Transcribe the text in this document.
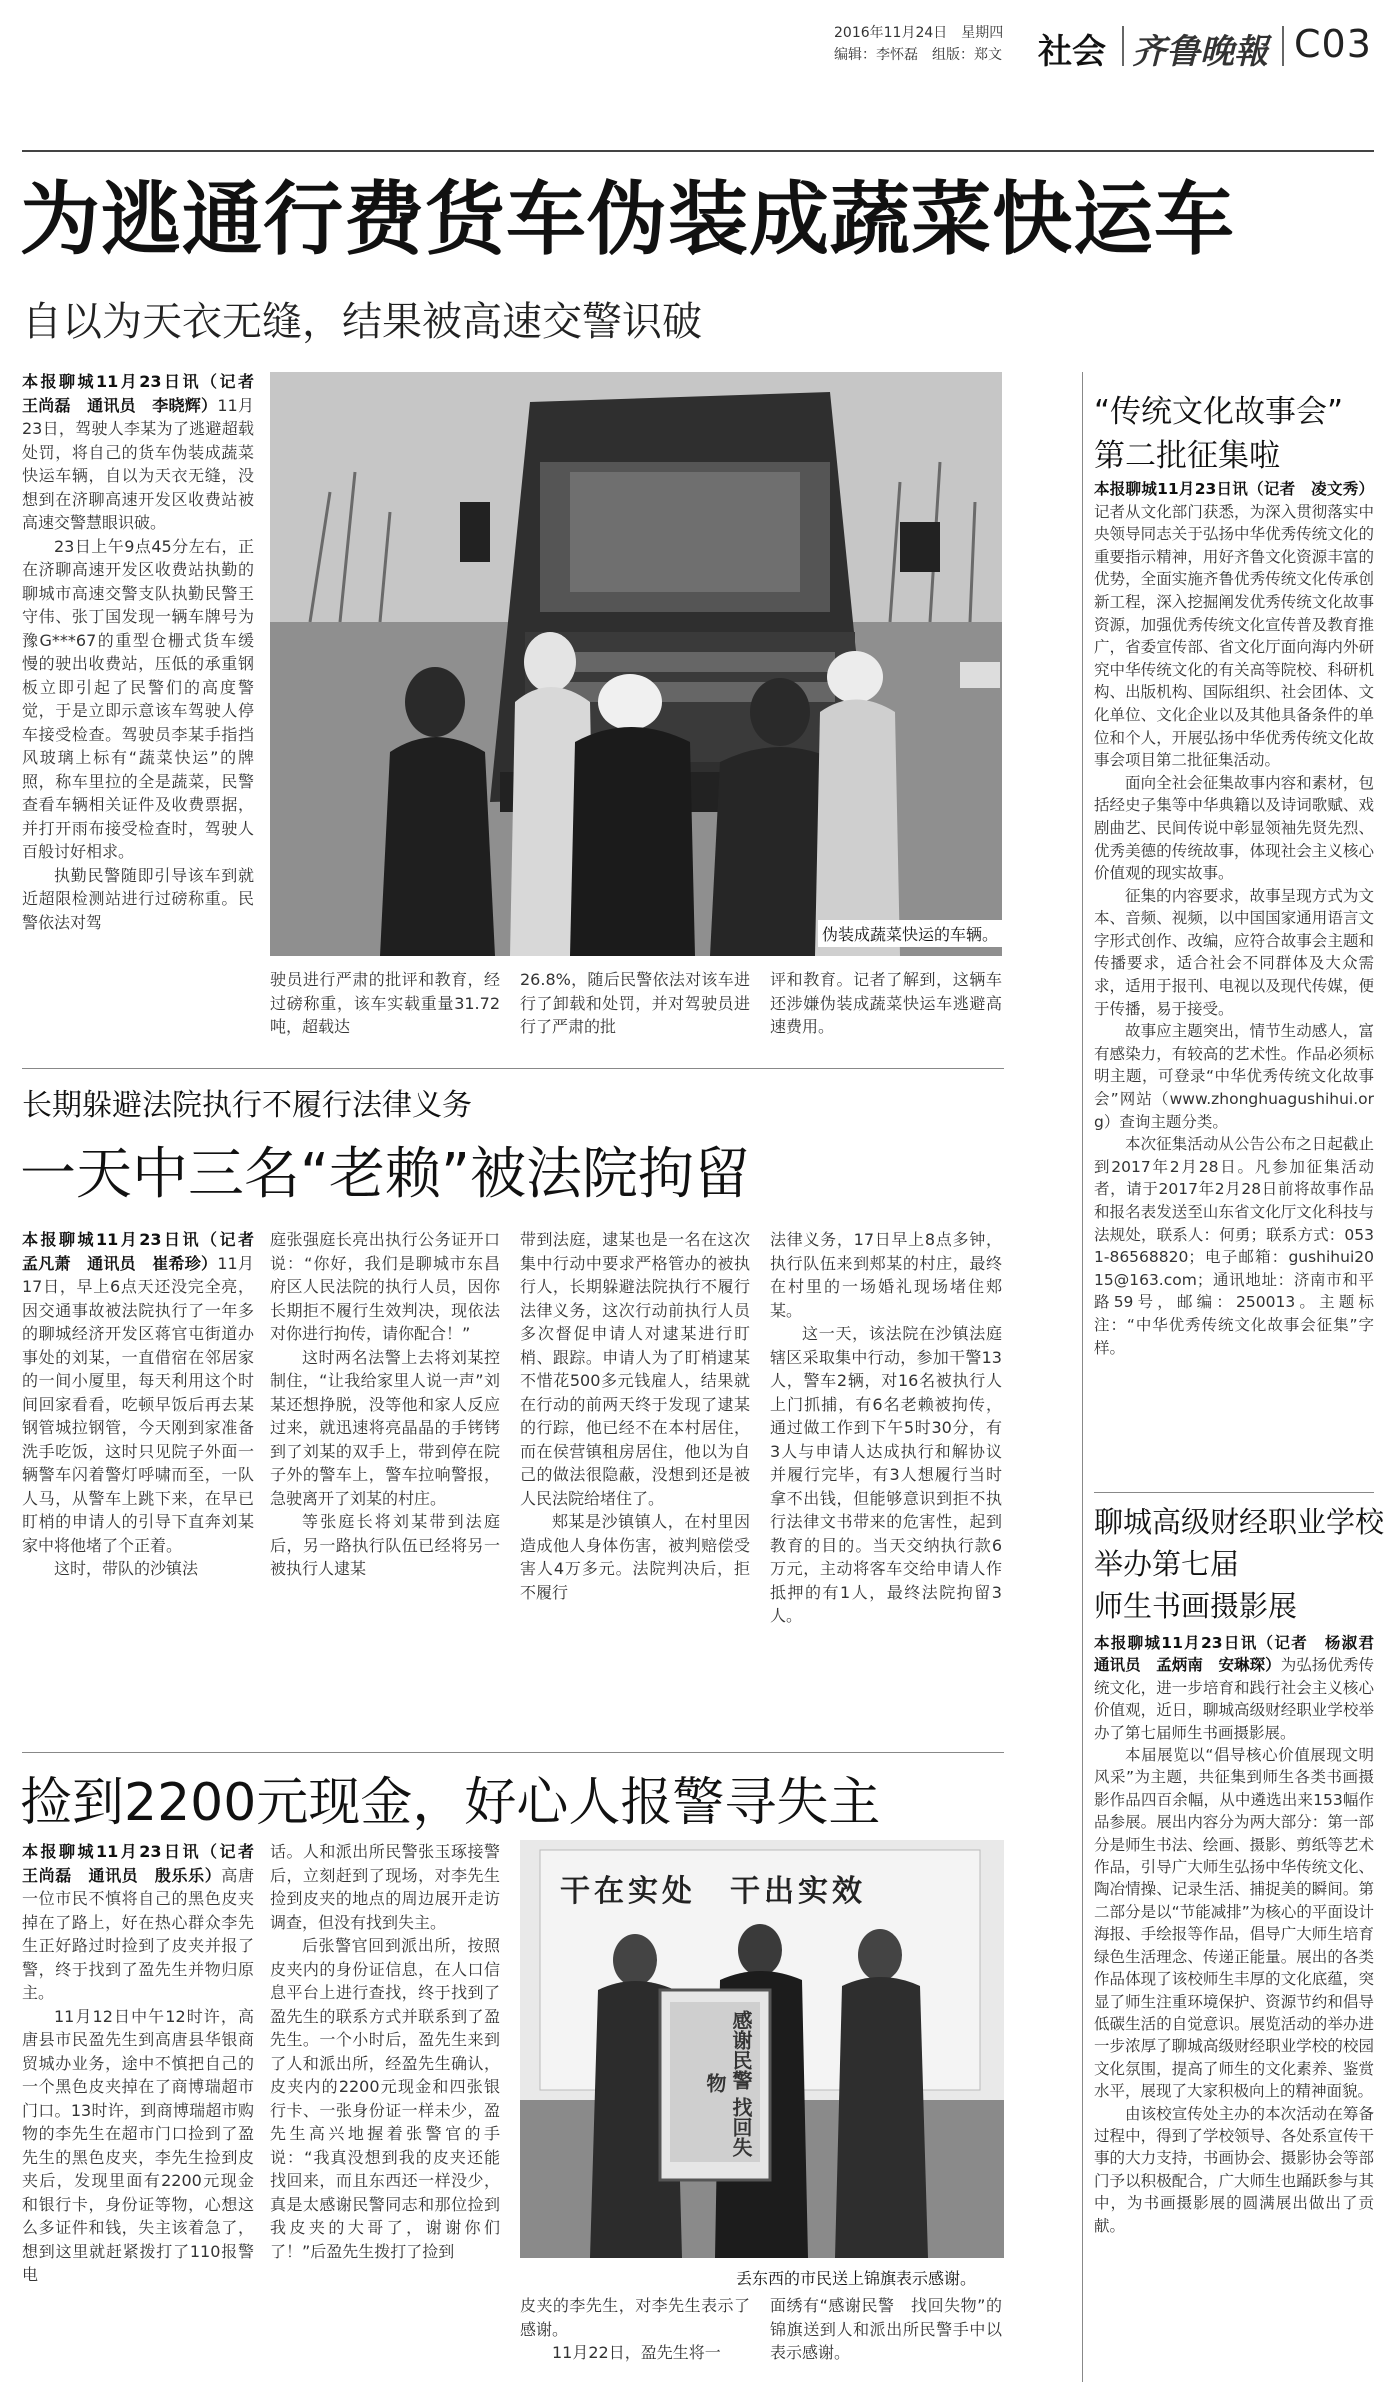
2016年11月24日　星期四
编辑：李怀磊　组版：郑文 社会 齐鲁晚報 C03
为逃通行费货车伪装成蔬菜快运车
自以为天衣无缝，结果被高速交警识破

本报聊城11月23日讯（记者　王尚磊　通讯员　李晓辉）11月23日，驾驶人李某为了逃避超载处罚，将自己的货车伪装成蔬菜快运车辆，自以为天衣无缝，没想到在济聊高速开发区收费站被高速交警慧眼识破。

23日上午9点45分左右，正在济聊高速开发区收费站执勤的聊城市高速交警支队执勤民警王守伟、张丁国发现一辆车牌号为豫G***67的重型仓栅式货车缓慢的驶出收费站，压低的承重钢板立即引起了民警们的高度警觉，于是立即示意该车驾驶人停车接受检查。驾驶员李某手指挡风玻璃上标有“蔬菜快运”的牌照，称车里拉的全是蔬菜，民警查看车辆相关证件及收费票据，并打开雨布接受检查时，驾驶人百般讨好相求。

执勤民警随即引导该车到就近超限检测站进行过磅称重。民警依法对驾

伪装成蔬菜快运的车辆。

驶员进行严肃的批评和教育，经过磅称重，该车实载重量31.72吨，超载达

26.8%，随后民警依法对该车进行了卸载和处罚，并对驾驶员进行了严肃的批

评和教育。记者了解到，这辆车还涉嫌伪装成蔬菜快运车逃避高速费用。

长期躲避法院执行不履行法律义务
一天中三名“老赖”被法院拘留

本报聊城11月23日讯（记者　孟凡萧　通讯员　崔希珍）11月17日，早上6点天还没完全亮，因交通事故被法院执行了一年多的聊城经济开发区蒋官屯街道办事处的刘某，一直借宿在邻居家的一间小厦里，每天利用这个时间回家看看，吃顿早饭后再去某钢管城拉钢管，今天刚到家准备洗手吃饭，这时只见院子外面一辆警车闪着警灯呼啸而至，一队人马，从警车上跳下来，在早已盯梢的申请人的引导下直奔刘某家中将他堵了个正着。

这时，带队的沙镇法

庭张强庭长亮出执行公务证开口说：“你好，我们是聊城市东昌府区人民法院的执行人员，因你长期拒不履行生效判决，现依法对你进行拘传，请你配合！”

这时两名法警上去将刘某控制住，“让我给家里人说一声”刘某还想挣脱，没等他和家人反应过来，就迅速将亮晶晶的手铐铐到了刘某的双手上，带到停在院子外的警车上，警车拉响警报，急驶离开了刘某的村庄。

等张庭长将刘某带到法庭后，另一路执行队伍已经将另一被执行人逮某

带到法庭，逮某也是一名在这次集中行动中要求严格管办的被执行人，长期躲避法院执行不履行法律义务，这次行动前执行人员多次督促申请人对逮某进行盯梢、跟踪。申请人为了盯梢逮某不惜花500多元钱雇人，结果就在行动的前两天终于发现了逮某的行踪，他已经不在本村居住，而在侯营镇租房居住，他以为自己的做法很隐蔽，没想到还是被人民法院给堵住了。

郏某是沙镇镇人，在村里因造成他人身体伤害，被判赔偿受害人4万多元。法院判决后，拒不履行

法律义务，17日早上8点多钟，执行队伍来到郏某的村庄，最终在村里的一场婚礼现场堵住郏某。

这一天，该法院在沙镇法庭辖区采取集中行动，参加干警13人，警车2辆，对16名被执行人上门抓捕，有6名老赖被拘传，通过做工作到下午5时30分，有3人与申请人达成执行和解协议并履行完毕，有3人想履行当时拿不出钱，但能够意识到拒不执行法律文书带来的危害性，起到教育的目的。当天交纳执行款6万元，主动将客车交给申请人作抵押的有1人，最终法院拘留3人。

捡到2200元现金，好心人报警寻失主

本报聊城11月23日讯（记者　王尚磊　通讯员　殷乐乐）高唐一位市民不慎将自己的黑色皮夹掉在了路上，好在热心群众李先生正好路过时捡到了皮夹并报了警，终于找到了盈先生并物归原主。

11月12日中午12时许，高唐县市民盈先生到高唐县华银商贸城办业务，途中不慎把自己的一个黑色皮夹掉在了商博瑞超市门口。13时许，到商博瑞超市购物的李先生在超市门口捡到了盈先生的黑色皮夹，李先生捡到皮夹后，发现里面有2200元现金和银行卡，身份证等物，心想这么多证件和钱，失主该着急了，想到这里就赶紧拨打了110报警电

话。人和派出所民警张玉琢接警后，立刻赶到了现场，对李先生捡到皮夹的地点的周边展开走访调查，但没有找到失主。

后张警官回到派出所，按照皮夹内的身份证信息，在人口信息平台上进行查找，终于找到了盈先生的联系方式并联系到了盈先生。一个小时后，盈先生来到了人和派出所，经盈先生确认，皮夹内的2200元现金和四张银行卡、一张身份证一样未少，盈先生高兴地握着张警官的手说：“我真没想到我的皮夹还能找回来，而且东西还一样没少，真是太感谢民警同志和那位捡到我皮夹的大哥了，谢谢你们了！”后盈先生拨打了捡到

干在实处　干出实效
感谢民警 找回失物
丢东西的市民送上锦旗表示感谢。

皮夹的李先生，对李先生表示了感谢。

11月22日，盈先生将一

面绣有“感谢民警　找回失物”的锦旗送到人和派出所民警手中以表示感谢。

“传统文化故事会”
第二批征集啦

本报聊城11月23日讯（记者　凌文秀）记者从文化部门获悉，为深入贯彻落实中央领导同志关于弘扬中华优秀传统文化的重要指示精神，用好齐鲁文化资源丰富的优势，全面实施齐鲁优秀传统文化传承创新工程，深入挖掘阐发优秀传统文化故事资源，加强优秀传统文化宣传普及教育推广，省委宣传部、省文化厅面向海内外研究中华传统文化的有关高等院校、科研机构、出版机构、国际组织、社会团体、文化单位、文化企业以及其他具备条件的单位和个人，开展弘扬中华优秀传统文化故事会项目第二批征集活动。

面向全社会征集故事内容和素材，包括经史子集等中华典籍以及诗词歌赋、戏剧曲艺、民间传说中彰显领袖先贤先烈、优秀美德的传统故事，体现社会主义核心价值观的现实故事。

征集的内容要求，故事呈现方式为文本、音频、视频，以中国国家通用语言文字形式创作、改编，应符合故事会主题和传播要求，适合社会不同群体及大众需求，适用于报刊、电视以及现代传媒，便于传播，易于接受。

故事应主题突出，情节生动感人，富有感染力，有较高的艺术性。作品必须标明主题，可登录“中华优秀传统文化故事会”网站（www.zhonghuagushihui.org）查询主题分类。

本次征集活动从公告公布之日起截止到2017年2月28日。凡参加征集活动者，请于2017年2月28日前将故事作品和报名表发送至山东省文化厅文化科技与法规处，联系人：何勇；联系方式：0531-86568820；电子邮箱：gushihui2015@163.com；通讯地址：济南市和平路59号，邮编：250013。主题标注：“中华优秀传统文化故事会征集”字样。

聊城高级财经职业学校
举办第七届
师生书画摄影展

本报聊城11月23日讯（记者　杨淑君　通讯员　孟炳南　安琳琛）为弘扬优秀传统文化，进一步培育和践行社会主义核心价值观，近日，聊城高级财经职业学校举办了第七届师生书画摄影展。

本届展览以“倡导核心价值展现文明风采”为主题，共征集到师生各类书画摄影作品四百余幅，从中遴选出来153幅作品参展。展出内容分为两大部分：第一部分是师生书法、绘画、摄影、剪纸等艺术作品，引导广大师生弘扬中华传统文化、陶冶情操、记录生活、捕捉美的瞬间。第二部分是以“节能减排”为核心的平面设计海报、手绘报等作品，倡导广大师生培育绿色生活理念、传递正能量。展出的各类作品体现了该校师生丰厚的文化底蕴，突显了师生注重环境保护、资源节约和倡导低碳生活的自觉意识。展览活动的举办进一步浓厚了聊城高级财经职业学校的校园文化氛围，提高了师生的文化素养、鉴赏水平，展现了大家积极向上的精神面貌。

由该校宣传处主办的本次活动在筹备过程中，得到了学校领导、各处系宣传干事的大力支持，书画协会、摄影协会等部门予以积极配合，广大师生也踊跃参与其中，为书画摄影展的圆满展出做出了贡献。
